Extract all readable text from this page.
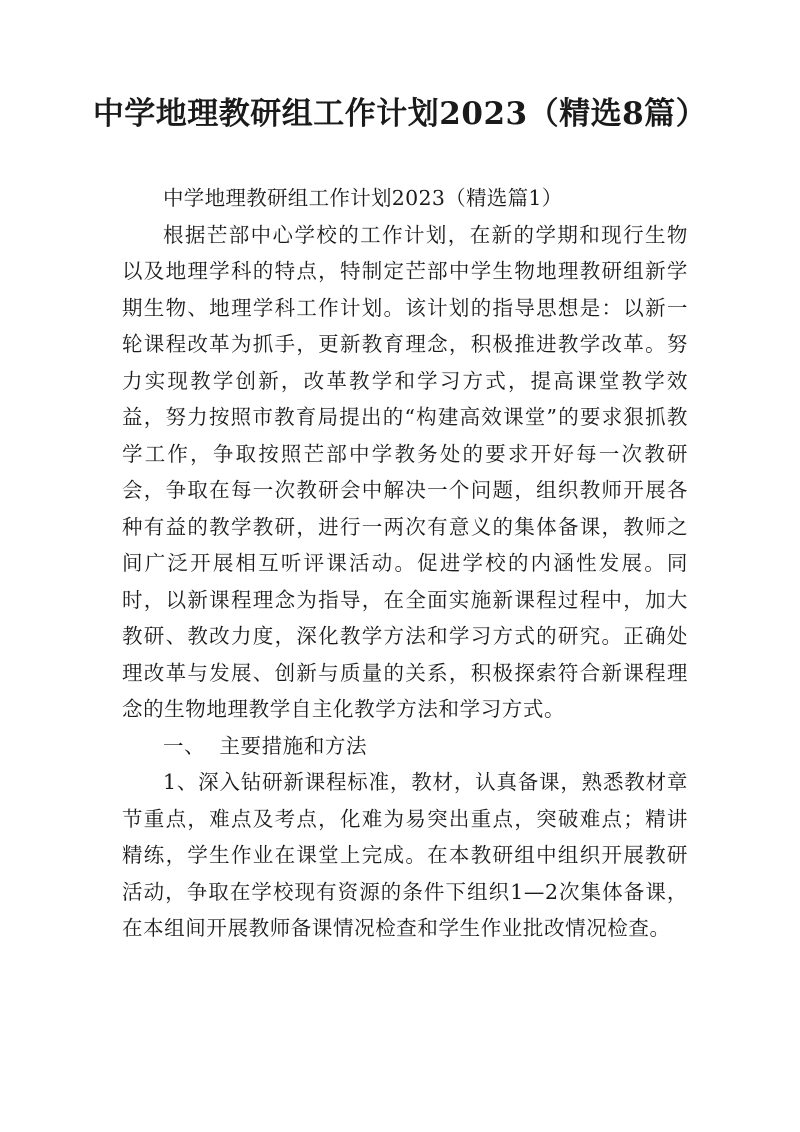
中学地理教研组工作计划2023（精选8篇）

中学地理教研组工作计划2023（精选篇1）

根据芒部中心学校的工作计划，在新的学期和现行生物以及地理学科的特点，特制定芒部中学生物地理教研组新学期生物、地理学科工作计划。该计划的指导思想是：以新一轮课程改革为抓手，更新教育理念，积极推进教学改革。努力实现教学创新，改革教学和学习方式，提高课堂教学效益，努力按照市教育局提出的“构建高效课堂”的要求狠抓教学工作，争取按照芒部中学教务处的要求开好每一次教研会，争取在每一次教研会中解决一个问题，组织教师开展各种有益的教学教研，进行一两次有意义的集体备课，教师之间广泛开展相互听评课活动。促进学校的内涵性发展。同时，以新课程理念为指导，在全面实施新课程过程中，加大教研、教改力度，深化教学方法和学习方式的研究。正确处理改革与发展、创新与质量的关系，积极探索符合新课程理念的生物地理教学自主化教学方法和学习方式。

一、  主要措施和方法

1、深入钻研新课程标准，教材，认真备课，熟悉教材章节重点，难点及考点，化难为易突出重点，突破难点；精讲精练，学生作业在课堂上完成。在本教研组中组织开展教研活动，争取在学校现有资源的条件下组织1—2次集体备课，在本组间开展教师备课情况检查和学生作业批改情况检查。
